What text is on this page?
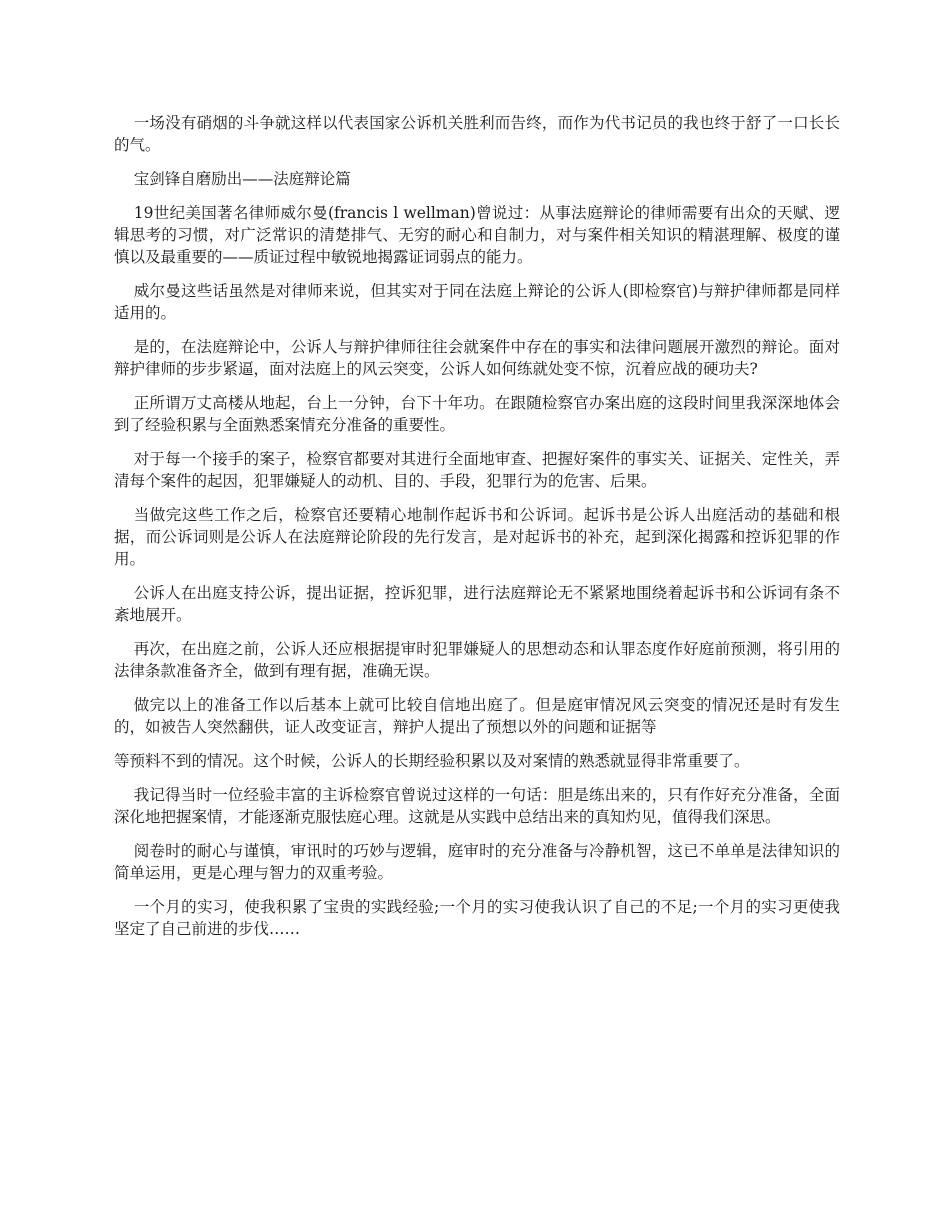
一场没有硝烟的斗争就这样以代表国家公诉机关胜利而告终，而作为代书记员的我也终于舒了一口长长的气。

宝剑锋自磨励出——法庭辩论篇

19世纪美国著名律师威尔曼(francis l wellman)曾说过：从事法庭辩论的律师需要有出众的天赋、逻辑思考的习惯，对广泛常识的清楚排气、无穷的耐心和自制力，对与案件相关知识的精湛理解、极度的谨慎以及最重要的——质证过程中敏锐地揭露证词弱点的能力。

威尔曼这些话虽然是对律师来说，但其实对于同在法庭上辩论的公诉人(即检察官)与辩护律师都是同样适用的。

是的，在法庭辩论中，公诉人与辩护律师往往会就案件中存在的事实和法律问题展开激烈的辩论。面对辩护律师的步步紧逼，面对法庭上的风云突变，公诉人如何练就处变不惊，沉着应战的硬功夫?

正所谓万丈高楼从地起，台上一分钟，台下十年功。在跟随检察官办案出庭的这段时间里我深深地体会到了经验积累与全面熟悉案情充分准备的重要性。

对于每一个接手的案子，检察官都要对其进行全面地审查、把握好案件的事实关、证据关、定性关，弄清每个案件的起因，犯罪嫌疑人的动机、目的、手段，犯罪行为的危害、后果。

当做完这些工作之后，检察官还要精心地制作起诉书和公诉词。起诉书是公诉人出庭活动的基础和根据，而公诉词则是公诉人在法庭辩论阶段的先行发言，是对起诉书的补充，起到深化揭露和控诉犯罪的作用。

公诉人在出庭支持公诉，提出证据，控诉犯罪，进行法庭辩论无不紧紧地围绕着起诉书和公诉词有条不紊地展开。

再次，在出庭之前，公诉人还应根据提审时犯罪嫌疑人的思想动态和认罪态度作好庭前预测，将引用的法律条款准备齐全，做到有理有据，准确无误。

做完以上的准备工作以后基本上就可比较自信地出庭了。但是庭审情况风云突变的情况还是时有发生的，如被告人突然翻供，证人改变证言，辩护人提出了预想以外的问题和证据等

等预料不到的情况。这个时候，公诉人的长期经验积累以及对案情的熟悉就显得非常重要了。

我记得当时一位经验丰富的主诉检察官曾说过这样的一句话：胆是练出来的，只有作好充分准备，全面深化地把握案情，才能逐渐克服怯庭心理。这就是从实践中总结出来的真知灼见，值得我们深思。

阅卷时的耐心与谨慎，审讯时的巧妙与逻辑，庭审时的充分准备与冷静机智，这已不单单是法律知识的简单运用，更是心理与智力的双重考验。

一个月的实习，使我积累了宝贵的实践经验;一个月的实习使我认识了自己的不足;一个月的实习更使我坚定了自己前进的步伐……
